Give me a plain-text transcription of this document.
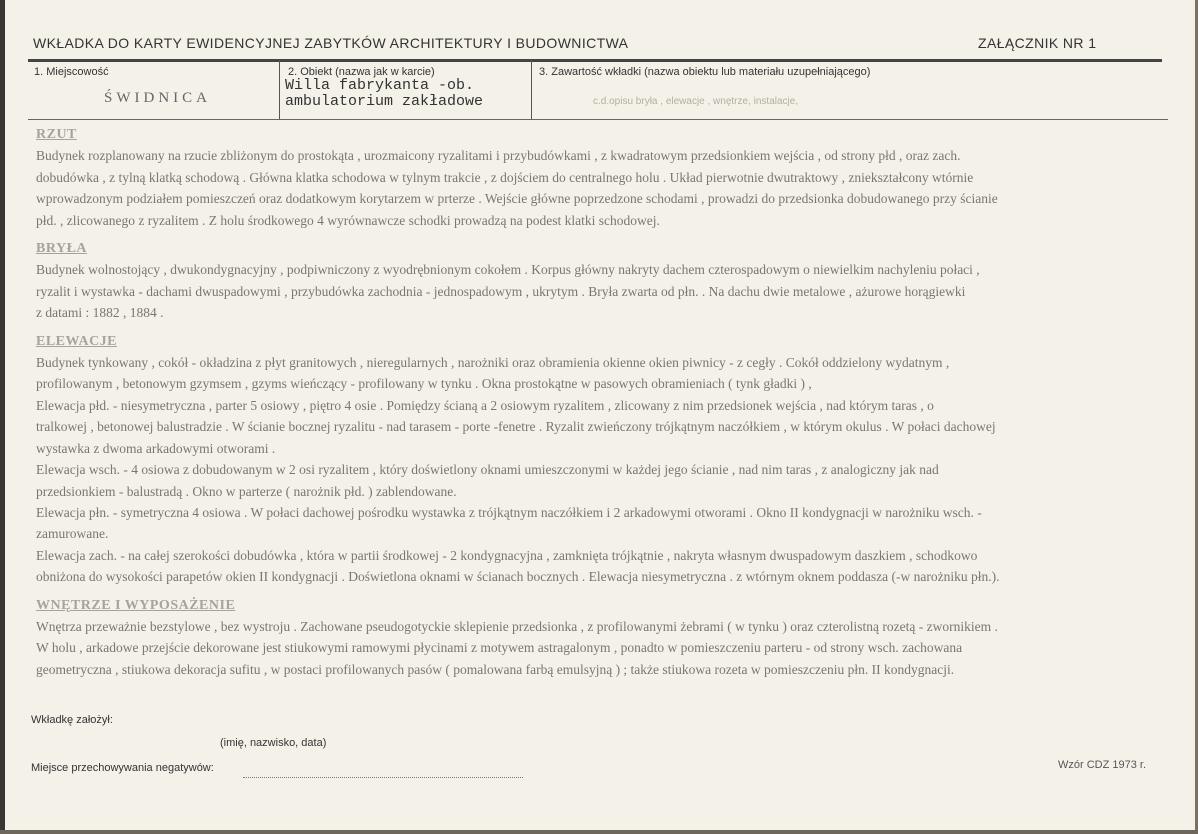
WKŁADKA DO KARTY EWIDENCYJNEJ ZABYTKÓW ARCHITEKTURY I BUDOWNICTWA	ZAŁĄCZNIK NR 1
1. Miejscowość
ŚWIDNICA
2. Obiekt (nazwa jak w karcie)
Willa fabrykanta -ob.
ambulatorium zakładowe
3. Zawartość wkładki (nazwa obiektu lub materiału uzupełniającego)
c.d.opisu bryła , elewacje , wnętrze, instalacje,
RZUT

Budynek rozplanowany na rzucie zbliżonym do prostokąta , urozmaicony ryzalitami i przybudówkami , z kwadratowym przedsionkiem wejścia , od strony płd , oraz zach.

dobudówka , z tylną klatką schodową . Główna klatka schodowa w tylnym trakcie , z dojściem do centralnego holu . Układ pierwotnie dwutraktowy , zniekształcony wtórnie

wprowadzonym podziałem pomieszczeń oraz dodatkowym korytarzem w prterze . Wejście główne poprzedzone schodami , prowadzi do przedsionka dobudowanego przy ścianie

płd. , zlicowanego z ryzalitem . Z holu środkowego 4 wyrównawcze schodki prowadzą na podest klatki schodowej.

BRYŁA

Budynek wolnostojący , dwukondygnacyjny , podpiwniczony z wyodrębnionym cokołem . Korpus główny nakryty dachem czterospadowym o niewielkim nachyleniu połaci ,

ryzalit i wystawka - dachami dwuspadowymi , przybudówka zachodnia - jednospadowym , ukrytym . Bryła zwarta od płn. . Na dachu dwie metalowe , ażurowe horągiewki

z datami : 1882 , 1884 .

ELEWACJE

Budynek tynkowany , cokół - okładzina z płyt granitowych , nieregularnych , narożniki oraz obramienia okienne okien piwnicy - z cegły . Cokół oddzielony wydatnym ,

profilowanym , betonowym gzymsem , gzyms wieńczący - profilowany w tynku . Okna prostokątne w pasowych obramieniach ( tynk gładki ) ,

Elewacja płd. - niesymetryczna , parter 5 osiowy , piętro 4 osie . Pomiędzy ścianą a 2 osiowym ryzalitem , zlicowany z nim przedsionek wejścia , nad którym taras , o

tralkowej , betonowej balustradzie . W ścianie bocznej ryzalitu - nad tarasem - porte -fenetre . Ryzalit zwieńczony trójkątnym naczółkiem , w którym okulus . W połaci dachowej

wystawka z dwoma arkadowymi otworami .

Elewacja wsch. - 4 osiowa z dobudowanym w 2 osi ryzalitem , który doświetlony oknami umieszczonymi w każdej jego ścianie , nad nim taras , z analogiczny jak nad

przedsionkiem - balustradą . Okno w parterze ( narożnik płd. ) zablendowane.

Elewacja płn. - symetryczna 4 osiowa . W połaci dachowej pośrodku wystawka z trójkątnym naczółkiem i 2 arkadowymi otworami . Okno II kondygnacji w narożniku wsch. -

zamurowane.

Elewacja zach. - na całej szerokości dobudówka , która w partii środkowej - 2 kondygnacyjna , zamknięta trójkątnie , nakryta własnym dwuspadowym daszkiem , schodkowo

obniżona do wysokości parapetów okien II kondygnacji . Doświetlona oknami w ścianach bocznych . Elewacja niesymetryczna . z wtórnym oknem poddasza (-w narożniku płn.).

WNĘTRZE I WYPOSAŻENIE

Wnętrza przeważnie bezstylowe , bez wystroju . Zachowane pseudogotyckie sklepienie przedsionka , z profilowanymi żebrami ( w tynku ) oraz czterolistną rozetą - zwornikiem .

W holu , arkadowe przejście dekorowane jest stiukowymi ramowymi płycinami z motywem astragalonym , ponadto w pomieszczeniu parteru - od strony wsch. zachowana

geometryczna , stiukowa dekoracja sufitu , w postaci profilowanych pasów ( pomalowana farbą emulsyjną ) ; także stiukowa rozeta w pomieszczeniu płn. II kondygnacji.

Wkładkę założył:
(imię, nazwisko, data)
Miejsce przechowywania negatywów:	Wzór CDZ 1973 r.
